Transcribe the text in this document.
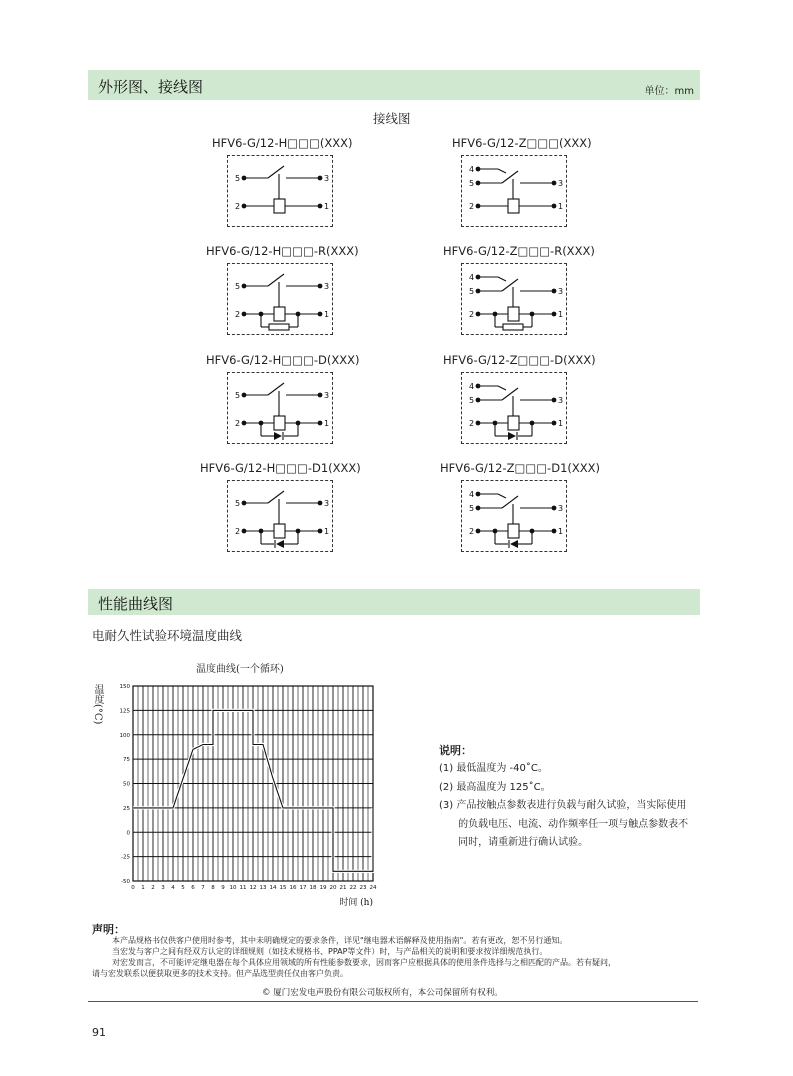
外形图、接线图	单位：mm
接线图
HFV6-G/12-H□□□(XXX)	HFV6-G/12-Z□□□(XXX)
HFV6-G/12-H□□□-R(XXX)	HFV6-G/12-Z□□□-R(XXX)
HFV6-G/12-H□□□-D(XXX)	HFV6-G/12-Z□□□-D(XXX)
HFV6-G/12-H□□□-D1(XXX)	HFV6-G/12-Z□□□-D1(XXX)
5	3
2	1
5	3
4
2	1
5	3
2	1
5	3
4
2	1
5	3
2	1
5	3
4
2	1
5	3
2	1
5	3
4
2	1
性能曲线图
电耐久性试验环境温度曲线
温度曲线(一个循环)
温度(°C)	150
125
100
75
50
25
0
-25
-50
0 1 2 3 4 5 6 7 8 9 10 11 12 13 14 15 16 17 18 19 20 21 22 23 24
时间 (h)
说明：
(1) 最低温度为 -40˚C。
(2) 最高温度为 125˚C。
(3) 产品按触点参数表进行负载与耐久试验，当实际使用
的负载电压、电流、动作频率任一项与触点参数表不
同时，请重新进行确认试验。
声明：
本产品规格书仅供客户使用时参考，其中未明确规定的要求条件，详见"继电器术语解释及使用指南"。若有更改，恕不另行通知。
当宏发与客户之间有经双方认定的详细规则（如技术规格书、PPAP等文件）时，与产品相关的说明和要求按详细规范执行。
对宏发而言，不可能评定继电器在每个具体应用领域的所有性能参数要求，因而客户应根据具体的使用条件选择与之相匹配的产品。若有疑问，
请与宏发联系以便获取更多的技术支持。但产品选型责任仅由客户负责。
© 厦门宏发电声股份有限公司版权所有，本公司保留所有权利。
91
